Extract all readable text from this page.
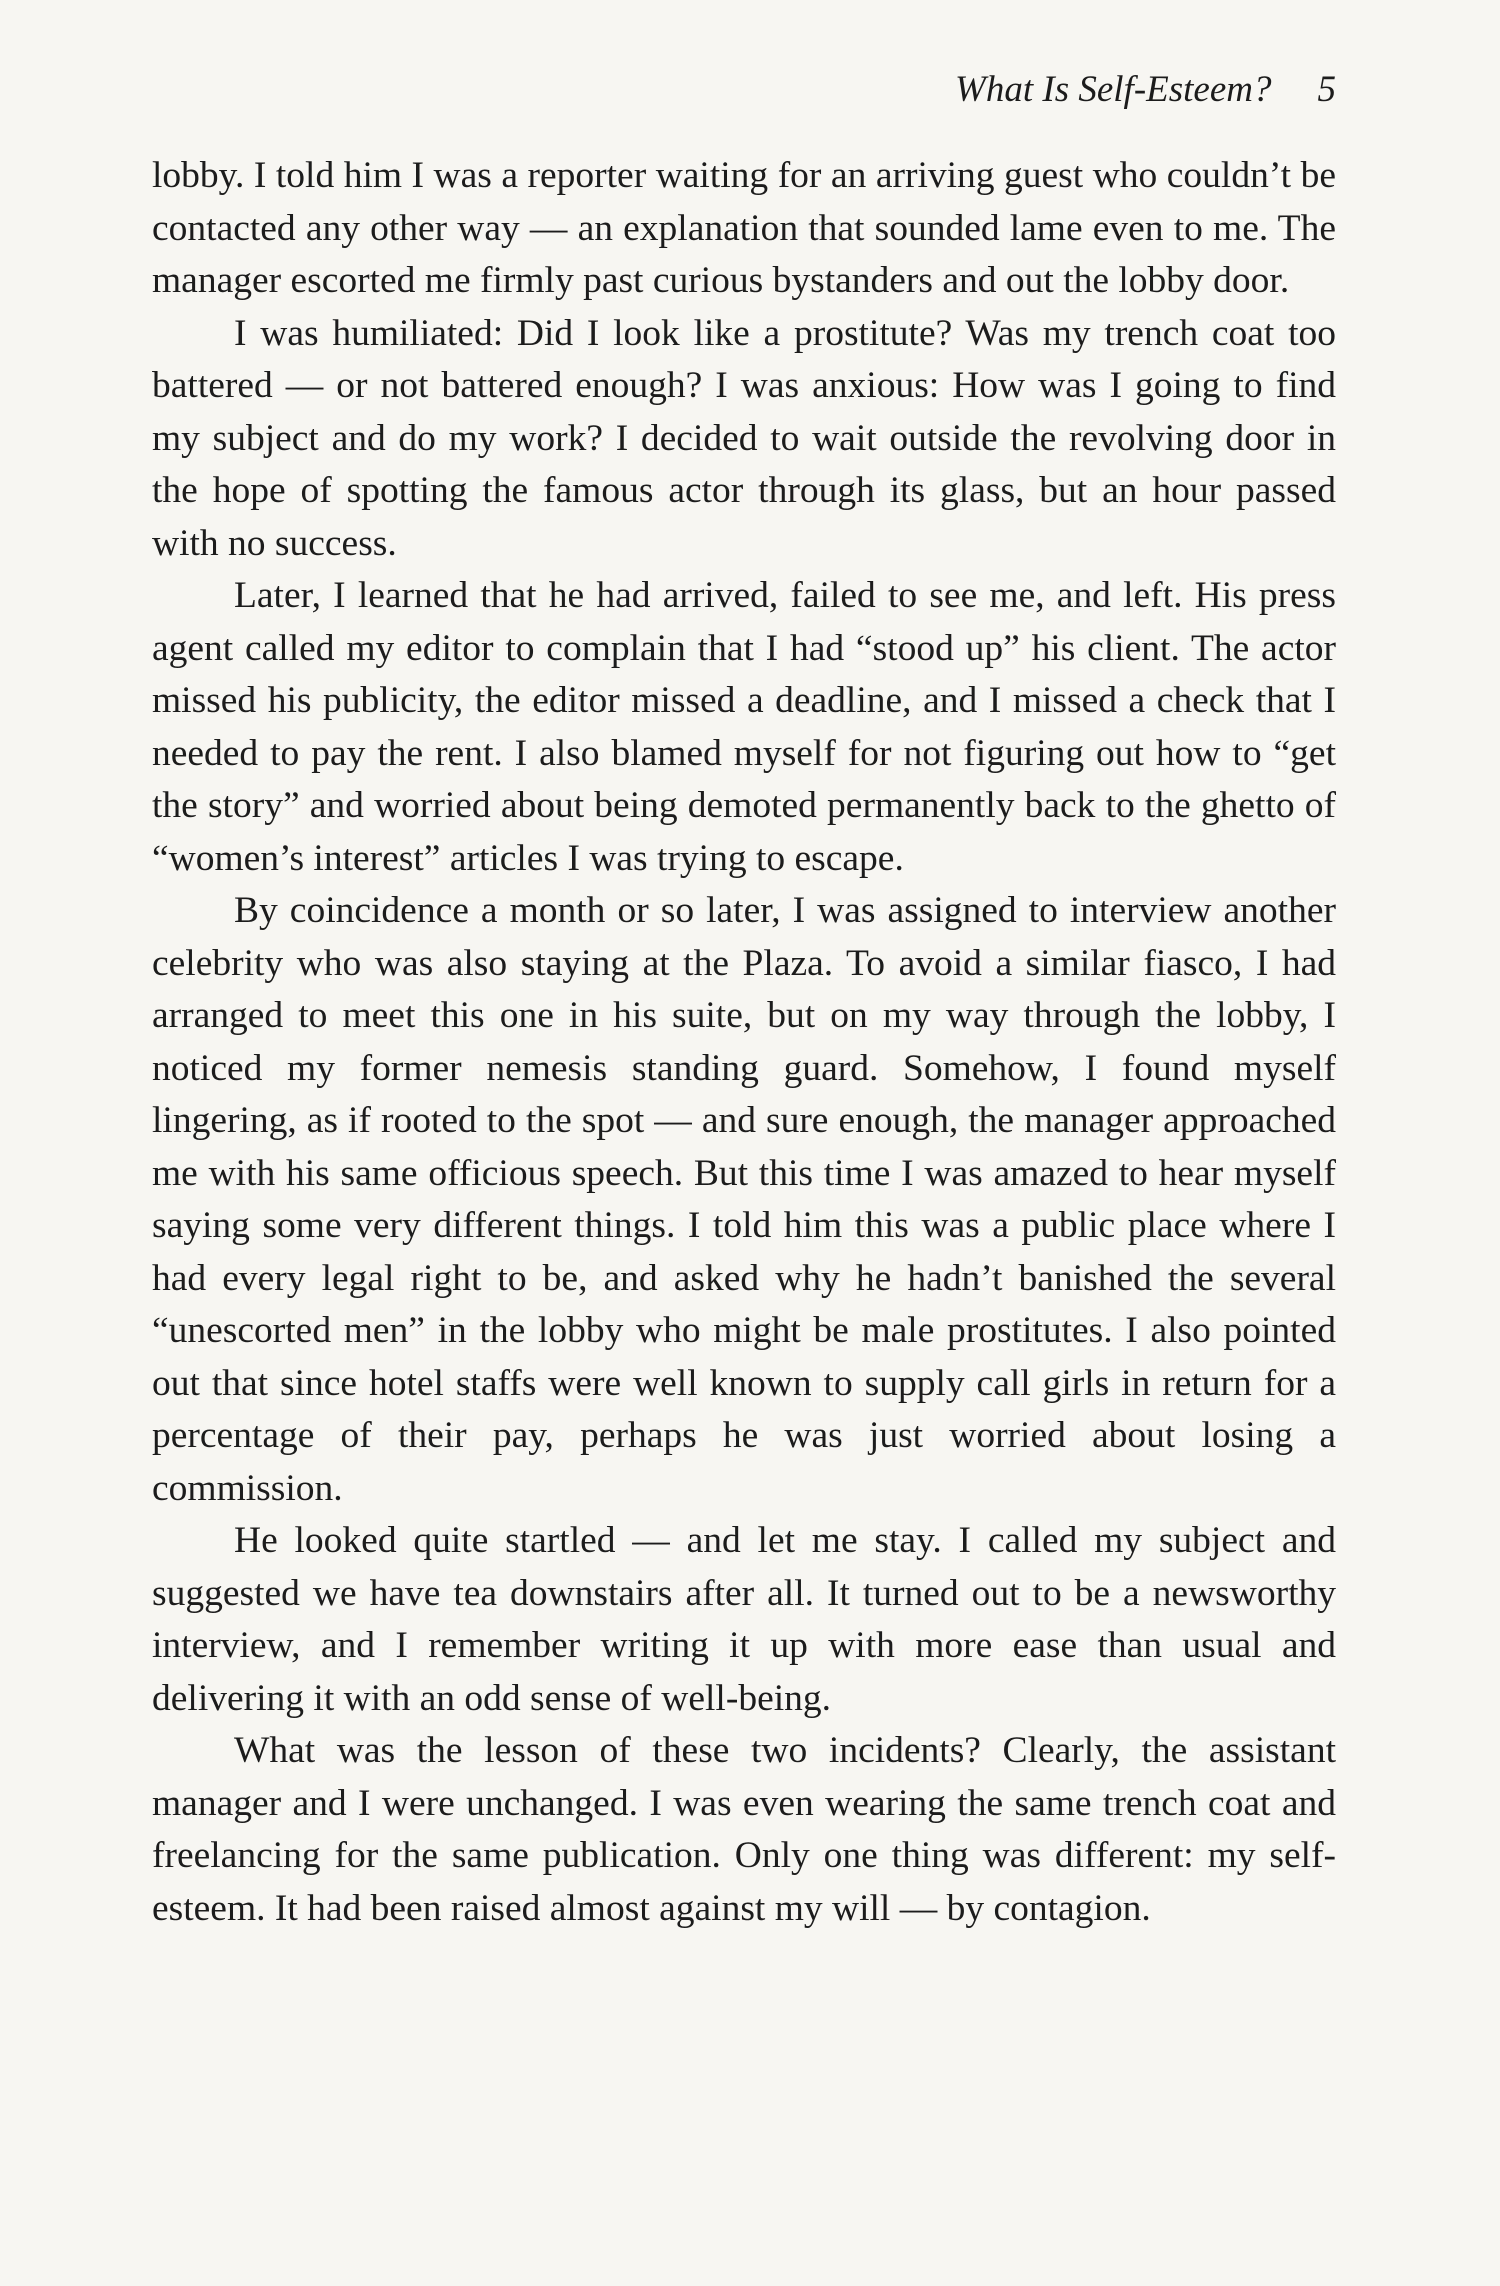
What Is Self-Esteem? 5

lobby. I told him I was a reporter waiting for an arriving guest who couldn’t be contacted any other way — an explanation that sounded lame even to me. The manager escorted me firmly past curious bystanders and out the lobby door.

I was humiliated: Did I look like a prostitute? Was my trench coat too battered — or not battered enough? I was anxious: How was I going to find my subject and do my work? I decided to wait outside the revolving door in the hope of spotting the famous actor through its glass, but an hour passed with no success.

Later, I learned that he had arrived, failed to see me, and left. His press agent called my editor to complain that I had “stood up” his client. The actor missed his publicity, the editor missed a deadline, and I missed a check that I needed to pay the rent. I also blamed myself for not figuring out how to “get the story” and worried about being demoted permanently back to the ghetto of “women’s interest” articles I was trying to escape.

By coincidence a month or so later, I was assigned to interview another celebrity who was also staying at the Plaza. To avoid a similar fiasco, I had arranged to meet this one in his suite, but on my way through the lobby, I noticed my former nemesis standing guard. Somehow, I found myself lingering, as if rooted to the spot — and sure enough, the manager approached me with his same officious speech. But this time I was amazed to hear myself saying some very different things. I told him this was a public place where I had every legal right to be, and asked why he hadn’t banished the several “unescorted men” in the lobby who might be male prostitutes. I also pointed out that since hotel staffs were well known to supply call girls in return for a percentage of their pay, perhaps he was just worried about losing a commission.

He looked quite startled — and let me stay. I called my subject and suggested we have tea downstairs after all. It turned out to be a newsworthy interview, and I remember writing it up with more ease than usual and delivering it with an odd sense of well-being.

What was the lesson of these two incidents? Clearly, the assistant manager and I were unchanged. I was even wearing the same trench coat and freelancing for the same publication. Only one thing was different: my self-esteem. It had been raised almost against my will — by contagion.
